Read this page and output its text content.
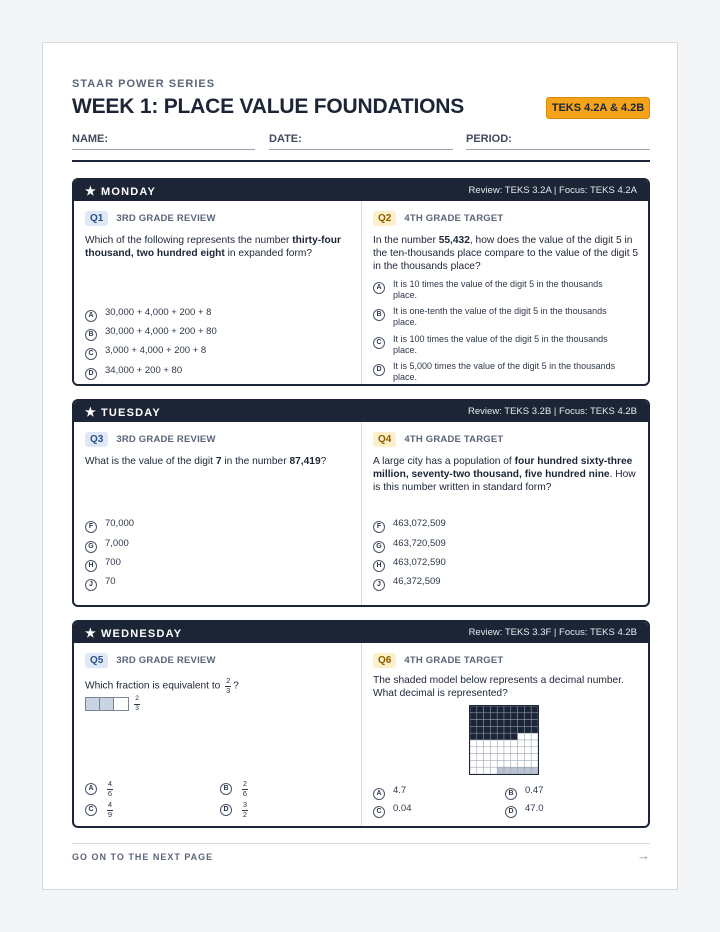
STAAR POWER SERIES
WEEK 1: PLACE VALUE FOUNDATIONS	TEKS 4.2A & 4.2B
NAME:	DATE:	PERIOD:
★ MONDAY	Review: TEKS 3.2A | Focus: TEKS 4.2A
Q1	3RD GRADE REVIEW
Which of the following represents the number thirty-four thousand, two hundred eight in expanded form?
A	30,000 + 4,000 + 200 + 8
B	30,000 + 4,000 + 200 + 80
C	3,000 + 4,000 + 200 + 8
D	34,000 + 200 + 80
Q2	4TH GRADE TARGET
In the number 55,432, how does the value of the digit 5 in the ten-thousands place compare to the value of the digit 5 in the thousands place?
A	It is 10 times the value of the digit 5 in the thousands place.
B	It is one-tenth the value of the digit 5 in the thousands place.
C	It is 100 times the value of the digit 5 in the thousands place.
D	It is 5,000 times the value of the digit 5 in the thousands place.
★ TUESDAY	Review: TEKS 3.2B | Focus: TEKS 4.2B
Q3	3RD GRADE REVIEW
What is the value of the digit 7 in the number 87,419?
F	70,000
G	7,000
H	700
J	70
Q4	4TH GRADE TARGET
A large city has a population of four hundred sixty-three million, seventy-two thousand, five hundred nine. How is this number written in standard form?
F	463,072,509
G	463,720,509
H	463,072,590
J	46,372,509
★ WEDNESDAY	Review: TEKS 3.3F | Focus: TEKS 4.2B
Q5	3RD GRADE REVIEW
Which fraction is equivalent to $\frac{2}{3}$ ?
$\frac{2}{3}$
A	$\frac{4}{6}$	B	$\frac{2}{6}$
C	$\frac{4}{9}$	D	$\frac{3}{2}$
Q6	4TH GRADE TARGET
The shaded model below represents a decimal number. What decimal is represented?
A	4.7	B	0.47
C	0.04	D	47.0
GO ON TO THE NEXT PAGE	→
